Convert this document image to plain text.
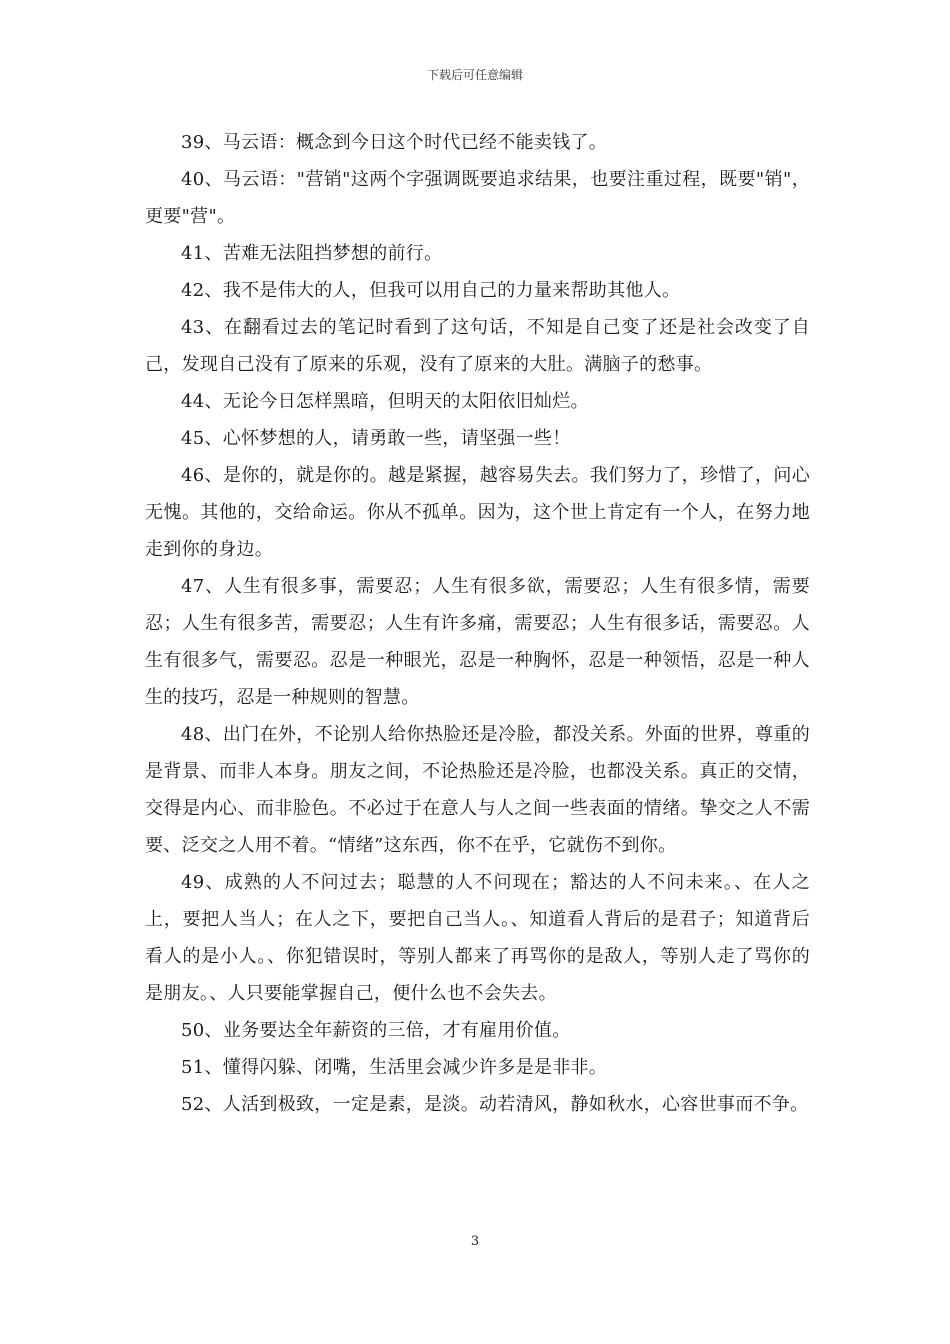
下载后可任意编辑

39、马云语：概念到今日这个时代已经不能卖钱了。

40、马云语："营销"这两个字强调既要追求结果，也要注重过程，既要"销"，更要"营"。

41、苦难无法阻挡梦想的前行。

42、我不是伟大的人，但我可以用自己的力量来帮助其他人。

43、在翻看过去的笔记时看到了这句话，不知是自己变了还是社会改变了自己，发现自己没有了原来的乐观，没有了原来的大肚。满脑子的愁事。

44、无论今日怎样黑暗，但明天的太阳依旧灿烂。

45、心怀梦想的人，请勇敢一些，请坚强一些！

46、是你的，就是你的。越是紧握，越容易失去。我们努力了，珍惜了，问心无愧。其他的，交给命运。你从不孤单。因为，这个世上肯定有一个人，在努力地走到你的身边。

47、人生有很多事，需要忍；人生有很多欲，需要忍；人生有很多情，需要忍；人生有很多苦，需要忍；人生有许多痛，需要忍；人生有很多话，需要忍。人生有很多气，需要忍。忍是一种眼光，忍是一种胸怀，忍是一种领悟，忍是一种人生的技巧，忍是一种规则的智慧。

48、出门在外，不论别人给你热脸还是冷脸，都没关系。外面的世界，尊重的是背景、而非人本身。朋友之间，不论热脸还是冷脸，也都没关系。真正的交情，交得是内心、而非脸色。不必过于在意人与人之间一些表面的情绪。挚交之人不需要、泛交之人用不着。“情绪”这东西，你不在乎，它就伤不到你。

49、成熟的人不问过去；聪慧的人不问现在；豁达的人不问未来。、在人之上，要把人当人；在人之下，要把自己当人。、知道看人背后的是君子；知道背后看人的是小人。、你犯错误时，等别人都来了再骂你的是敌人，等别人走了骂你的是朋友。、人只要能掌握自己，便什么也不会失去。

50、业务要达全年薪资的三倍，才有雇用价值。

51、懂得闪躲、闭嘴，生活里会减少许多是是非非。

52、人活到极致，一定是素，是淡。动若清风，静如秋水，心容世事而不争。

3
